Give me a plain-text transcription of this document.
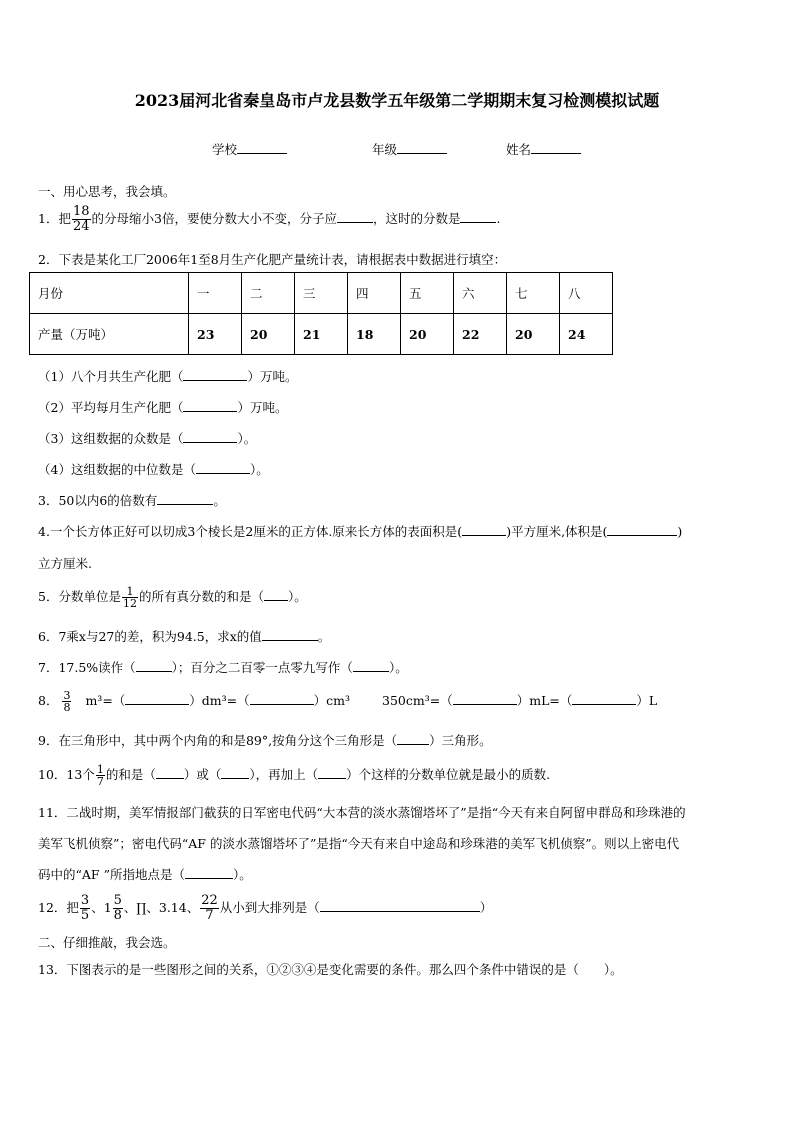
2023届河北省秦皇岛市卢龙县数学五年级第二学期期末复习检测模拟试题
学校	年级	姓名
一、用心思考，我会填。
1．把 $\frac{18}{24}$ 的分母缩小3倍，要使分数大小不变，分子应	，这时的分数是	.
2．下表是某化工厂2006年1至8月生产化肥产量统计表，请根据表中数据进行填空：
月份	一	二	三	四	五	六	七	八
产量（万吨）	23	20	21	18	20	22	20	24
（1）八个月共生产化肥（	）万吨。
（2）平均每月生产化肥（	）万吨。
（3）这组数据的众数是（	）。
（4）这组数据的中位数是（	）。
3．50以内6的倍数有	。
4.一个长方体正好可以切成3个棱长是2厘米的正方体.原来长方体的表面积是(	)平方厘米,体积是(	)
立方厘米.
5．分数单位是 $\frac{1}{12}$ 的所有真分数的和是（ ）。
6．7乘x与27的差，积为94.5，求x的值	。
7．17.5%读作（	）；百分之二百零一点零九写作（	）。
8． $\frac{3}{8} m^3=$（	）dm³=（	）cm³	350cm³=（	）mL=（	）L
9．在三角形中，其中两个内角的和是89°,按角分这个三角形是（	）三角形。
10．13个 $\frac{1}{7}$ 的和是（ ）或（ ），再加上（ ）个这样的分数单位就是最小的质数.
11．二战时期，美军情报部门截获的日军密电代码“大本营的淡水蒸馏塔坏了”是指“今天有来自阿留申群岛和珍珠港的
美军飞机侦察”；密电代码“AF 的淡水蒸馏塔坏了”是指“今天有来自中途岛和珍珠港的美军飞机侦察”。则以上密电代
码中的“AF ”所指地点是（	）。
12．把 $\frac{3}{5}$ 、$1 \frac{5}{8}$ 、∏、3.14、 $\frac{22}{7}$ 从小到大排列是（	）
二、仔细推敲，我会选。
13．下图表示的是一些图形之间的关系，①②③④是变化需要的条件。那么四个条件中错误的是（　　）。
